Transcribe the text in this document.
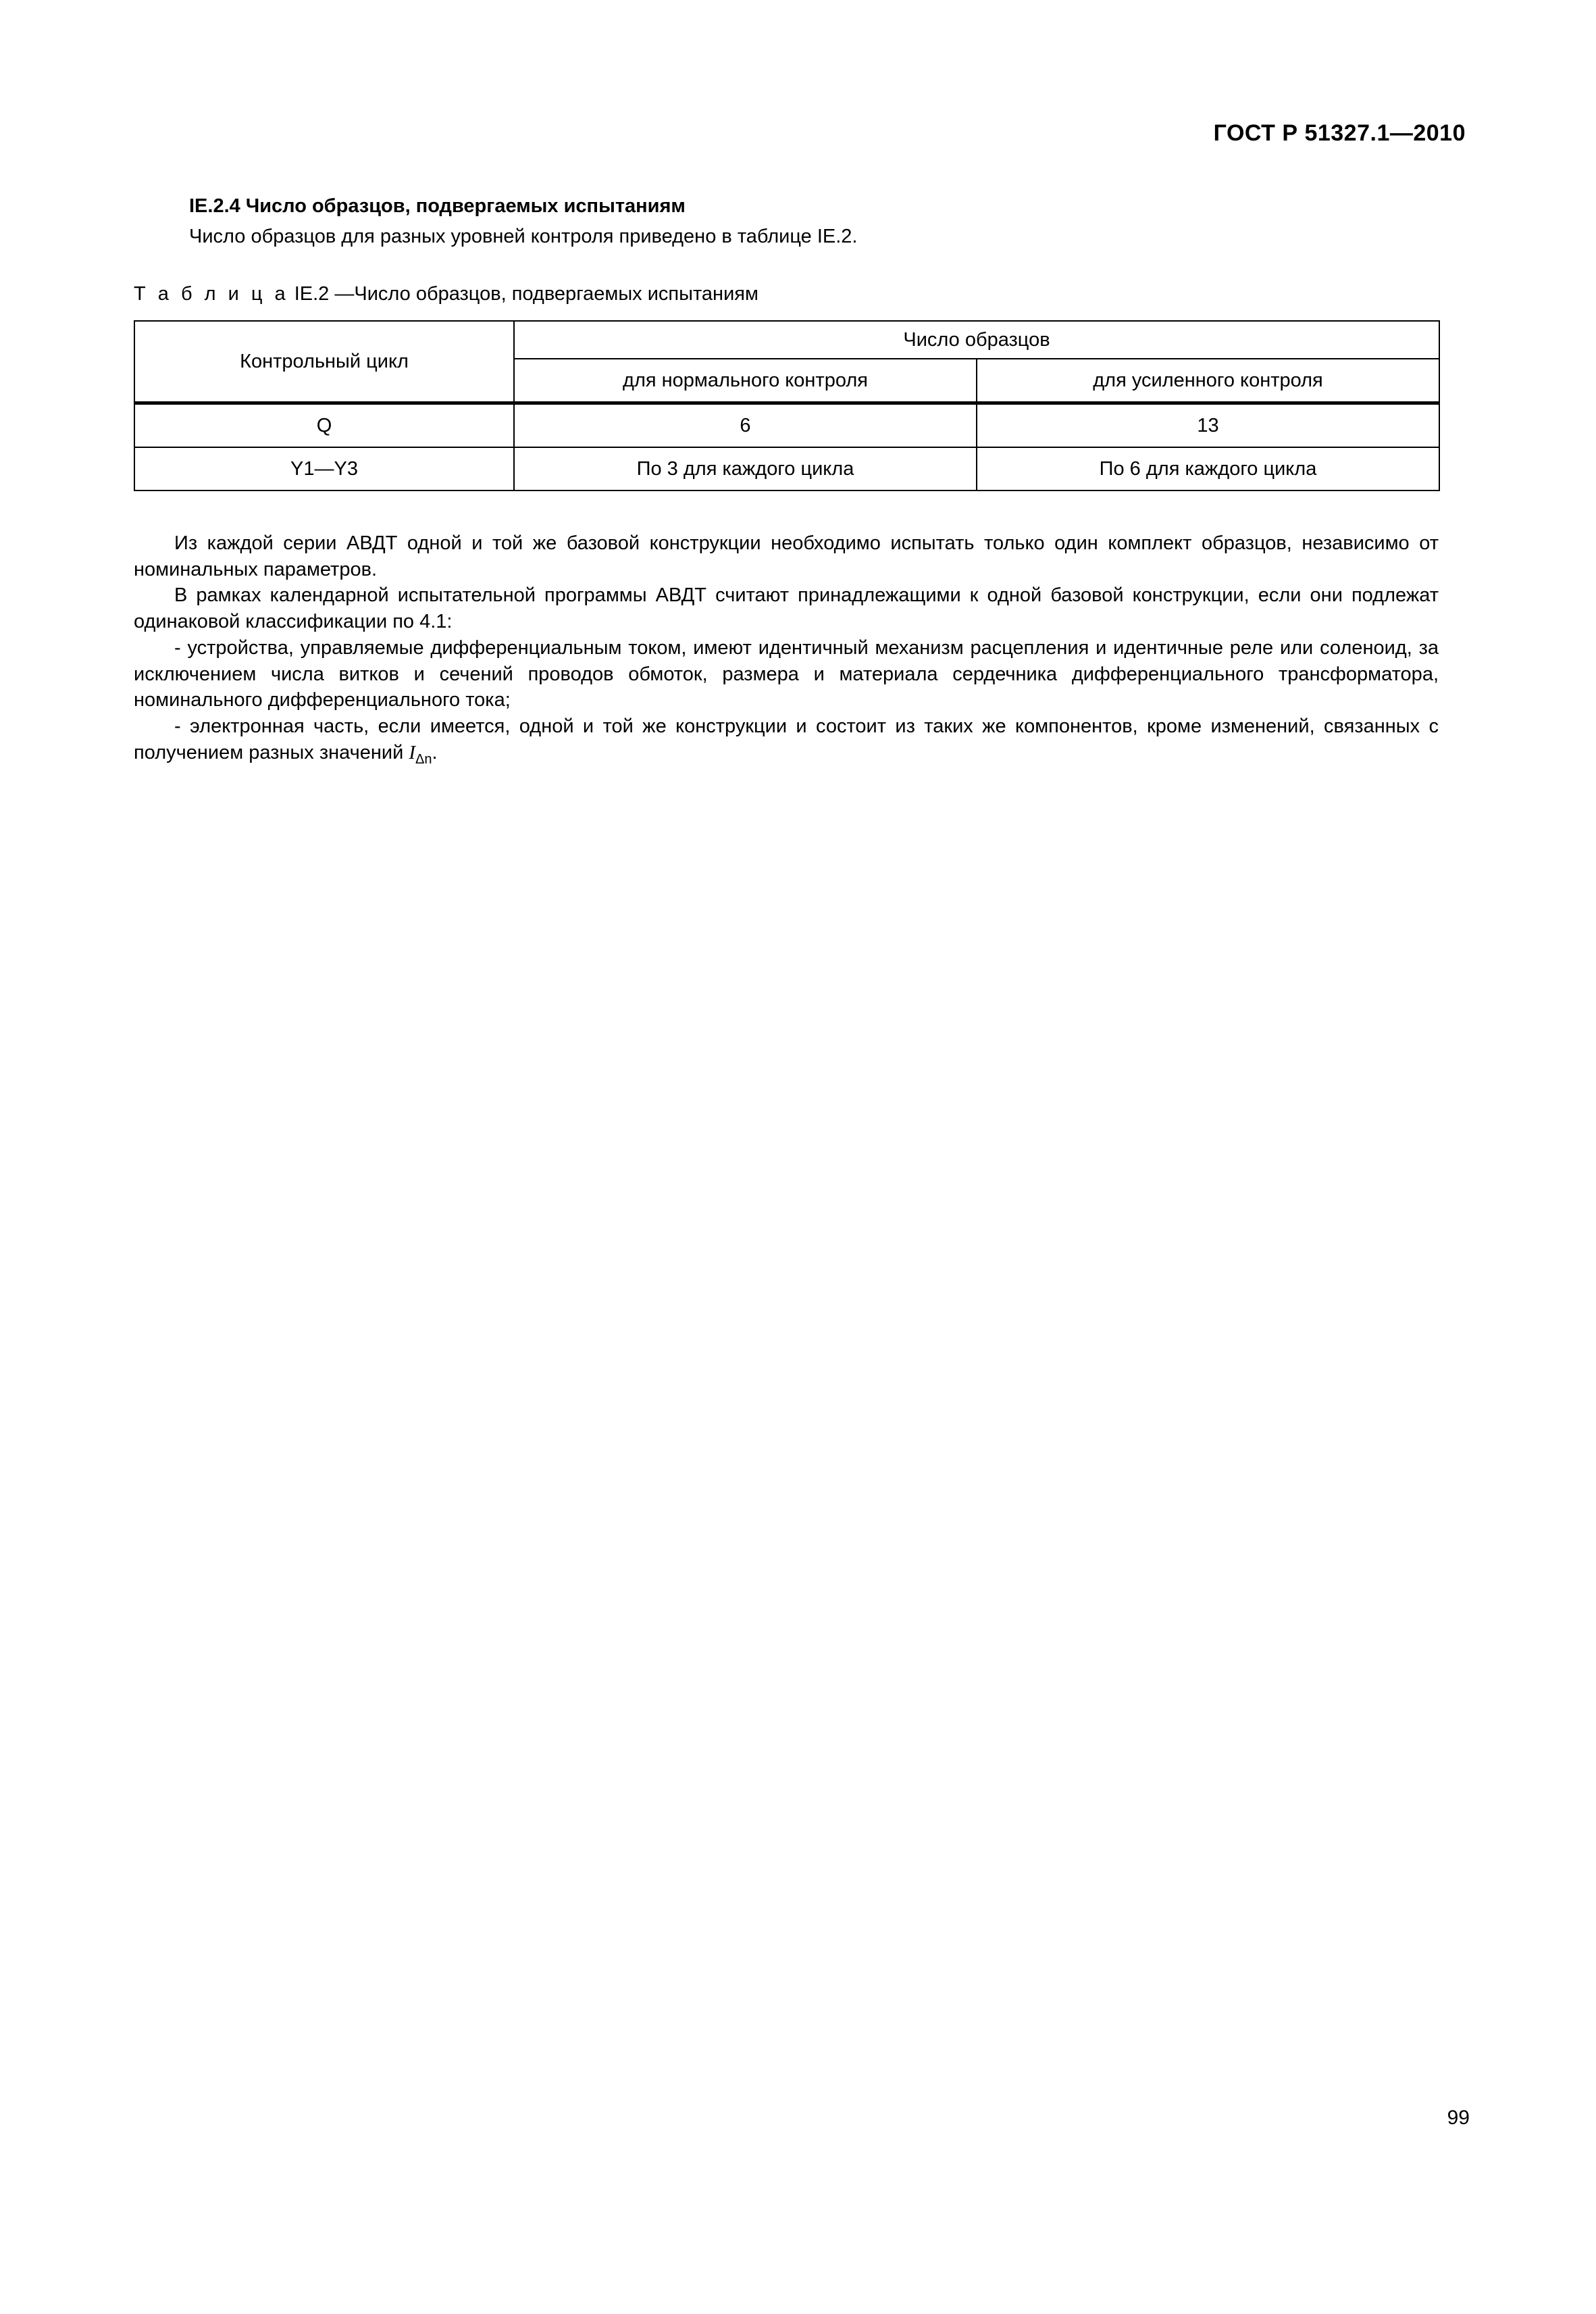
ГОСТ Р 51327.1—2010
IE.2.4 Число образцов, подвергаемых испытаниям
Число образцов для разных уровней контроля приведено в таблице IE.2.
Т а б л и ц а IE.2 —Число образцов, подвергаемых испытаниям
Контрольный цикл	Число образцов	
	для нормального контроля	для усиленного контроля
Q	6	13
Y1—Y3	По 3 для каждого цикла	По 6 для каждого цикла

Из каждой серии АВДТ одной и той же базовой конструкции необходимо испытать только один комплект образцов, независимо от номинальных параметров.

В рамках календарной испытательной программы АВДТ считают принадлежащими к одной базовой конструкции, если они подлежат одинаковой классификации по 4.1:

- устройства, управляемые дифференциальным током, имеют идентичный механизм расцепления и идентичные реле или соленоид, за исключением числа витков и сечений проводов обмоток, размера и материала сердечника дифференциального трансформатора, номинального дифференциального тока;

- электронная часть, если имеется, одной и той же конструкции и состоит из таких же компонентов, кроме изменений, связанных с получением разных значений $I_{\Delta n}$.

99
